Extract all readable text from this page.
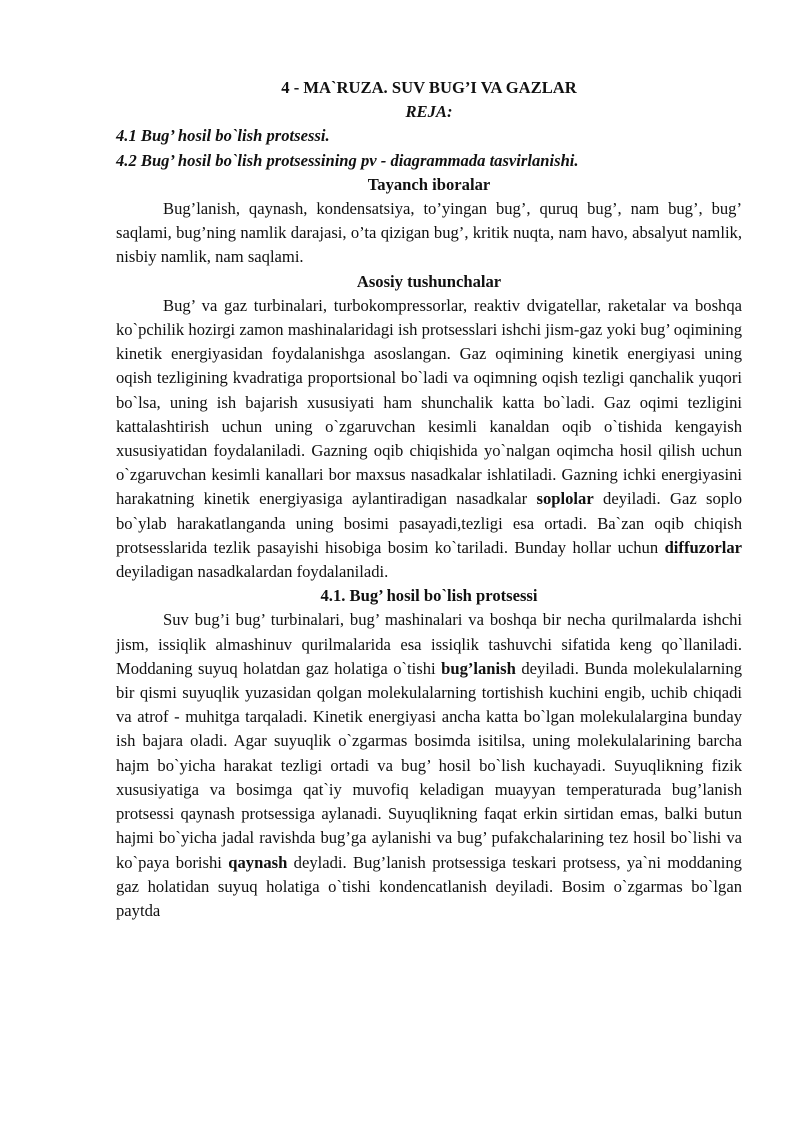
4 - MA`RUZA. SUV BUG’I VA GAZLAR
REJA:
4.1 Bug’ hosil bo`lish protsessi.
4.2 Bug’ hosil bo`lish protsessining pv - diagrammada tasvirlanishi.
Tayanch iboralar

Bug’lanish, qaynash, kondensatsiya, to’yingan bug’, quruq bug’, nam bug’, bug’ saqlami, bug’ning namlik darajasi, o’ta qizigan bug’, kritik nuqta, nam havo, absalyut namlik, nisbiy namlik, nam saqlami.

Asosiy tushunchalar

Bug’ va gaz turbinalari, turbokompressorlar, reaktiv dvigatellar, raketalar va boshqa ko`pchilik hozirgi zamon mashinalaridagi ish protsesslari ishchi jism-gaz yoki bug’ oqimining kinetik energiyasidan foydalanishga asoslangan. Gaz oqimining kinetik energiyasi uning oqish tezligining kvadratiga proportsional bo`ladi va oqimning oqish tezligi qanchalik yuqori bo`lsa, uning ish bajarish xususiyati ham shunchalik katta bo`ladi. Gaz oqimi tezligini kattalashtirish uchun uning o`zgaruvchan kesimli kanaldan oqib o`tishida kengayish xususiyatidan foydalaniladi. Gazning oqib chiqishida yo`nalgan oqimcha hosil qilish uchun o`zgaruvchan kesimli kanallari bor maxsus nasadkalar ishlatiladi. Gazning ichki energiyasini harakatning kinetik energiyasiga aylantiradigan nasadkalar soplolar deyiladi. Gaz soplo bo`ylab harakatlanganda uning bosimi pasayadi,tezligi esa ortadi. Ba`zan oqib chiqish protsesslarida tezlik pasayishi hisobiga bosim ko`tariladi. Bunday hollar uchun diffuzorlar deyiladigan nasadkalardan foydalaniladi.

4.1. Bug’ hosil bo`lish protsessi

Suv bug’i bug’ turbinalari, bug’ mashinalari va boshqa bir necha qurilmalarda ishchi jism, issiqlik almashinuv qurilmalarida esa issiqlik tashuvchi sifatida keng qo`llaniladi. Moddaning suyuq holatdan gaz holatiga o`tishi bug’lanish deyiladi. Bunda molekulalarning bir qismi suyuqlik yuzasidan qolgan molekulalarning tortishish kuchini engib, uchib chiqadi va atrof - muhitga tarqaladi. Kinetik energiyasi ancha katta bo`lgan molekulalargina bunday ish bajara oladi. Agar suyuqlik o`zgarmas bosimda isitilsa, uning molekulalarining barcha hajm bo`yicha harakat tezligi ortadi va bug’ hosil bo`lish kuchayadi. Suyuqlikning fizik xususiyatiga va bosimga qat`iy muvofiq keladigan muayyan temperaturada bug’lanish protsessi qaynash protsessiga aylanadi. Suyuqlikning faqat erkin sirtidan emas, balki butun hajmi bo`yicha jadal ravishda bug’ga aylanishi va bug’ pufakchalarining tez hosil bo`lishi va ko`paya borishi qaynash deyladi. Bug’lanish protsessiga teskari protsess, ya`ni moddaning gaz holatidan suyuq holatiga o`tishi kondencatlanish deyiladi. Bosim o`zgarmas bo`lgan paytda
